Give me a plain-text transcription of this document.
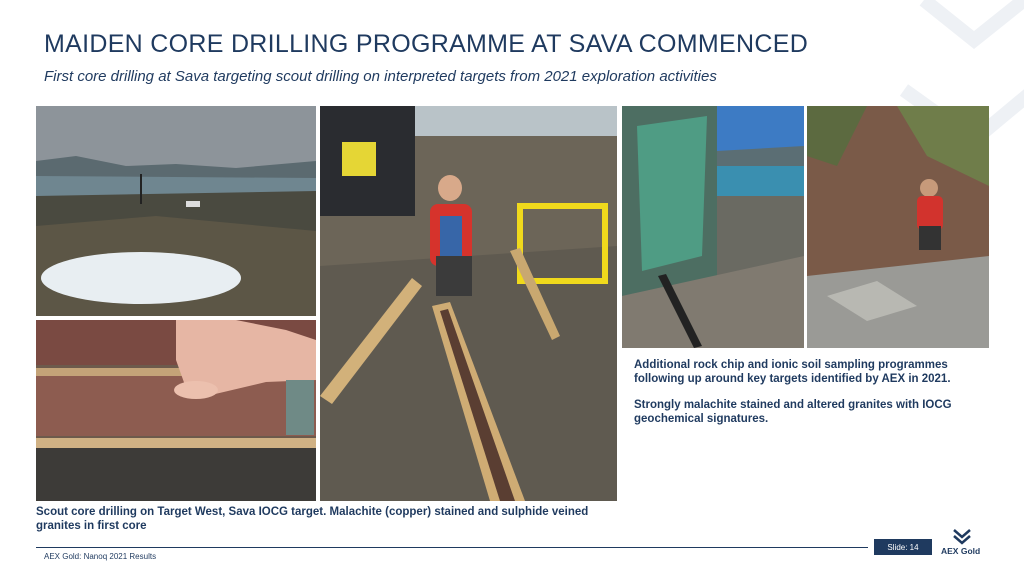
MAIDEN CORE DRILLING PROGRAMME AT SAVA COMMENCED
First core drilling at Sava targeting scout drilling on interpreted targets from 2021 exploration activities

Additional rock chip and ionic soil sampling programmes following up around key targets identified by AEX in 2021.

Strongly malachite stained and altered granites with IOCG geochemical signatures.

Scout core drilling on Target West, Sava IOCG target. Malachite (copper) stained and sulphide veined granites in first core
AEX Gold: Nanoq 2021 Results
Slide: 14	AEX Gold
